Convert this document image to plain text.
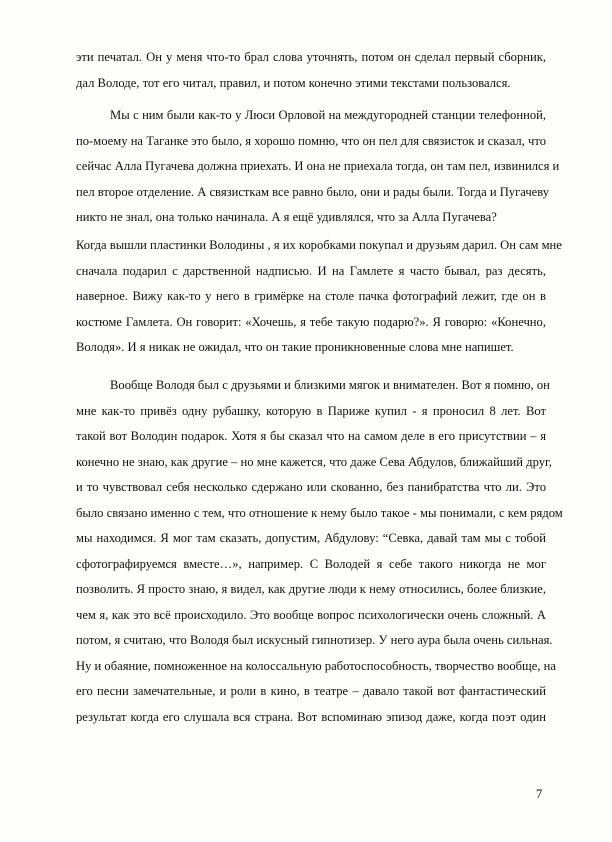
эти печатал. Он у меня что-то брал слова уточнять, потом он сделал первый сборник,
дал Володе, тот его читал, правил, и потом конечно этими текстами пользовался.
Мы с ним были как-то у Люси Орловой на междугородней станции телефонной,
по-моему на Таганке это было, я хорошо помню, что он пел для связисток и сказал, что
сейчас Алла Пугачева должна приехать. И она не приехала тогда, он там пел, извинился и
пел второе отделение. А связисткам все равно было, они и рады были. Тогда и Пугачеву
никто не знал, она только начинала. А я ещё удивлялся, что за Алла Пугачева?
Когда вышли пластинки Володины , я их коробками покупал и друзьям дарил. Он сам мне
сначала подарил с дарственной надписью. И на Гамлете я часто бывал, раз десять,
наверное. Вижу как-то у него в гримёрке на столе пачка фотографий лежит, где он в
костюме Гамлета. Он говорит: «Хочешь, я тебе такую подарю?». Я говорю: «Конечно,
Володя». И я никак не ожидал, что он такие проникновенные слова мне напишет.
Вообще Володя был с друзьями и близкими мягок и внимателен. Вот я помню, он
мне как-то привёз одну рубашку, которую в Париже купил - я проносил 8 лет. Вот
такой вот Володин подарок. Хотя я бы сказал что на самом деле в его присутствии – я
конечно не знаю, как другие – но мне кажется, что даже Сева Абдулов, ближайший друг,
и то чувствовал себя несколько сдержано или скованно, без панибратства что ли. Это
было связано именно с тем, что отношение к нему было такое - мы понимали, с кем рядом
мы находимся. Я мог там сказать, допустим, Абдулову: “Севка, давай там мы с тобой
сфотографируемся вместе…», например. С Володей я себе такого никогда не мог
позволить. Я просто знаю, я видел, как другие люди к нему относились, более близкие,
чем я, как это всё происходило. Это вообще вопрос психологически очень сложный. А
потом, я считаю, что Володя был искусный гипнотизер. У него аура была очень сильная.
Ну и обаяние, помноженное на колоссальную работоспособность, творчество вообще, на
его песни замечательные, и роли в кино, в театре – давало такой вот фантастический
результат когда его слушала вся страна. Вот вспоминаю эпизод даже, когда поэт один
7
